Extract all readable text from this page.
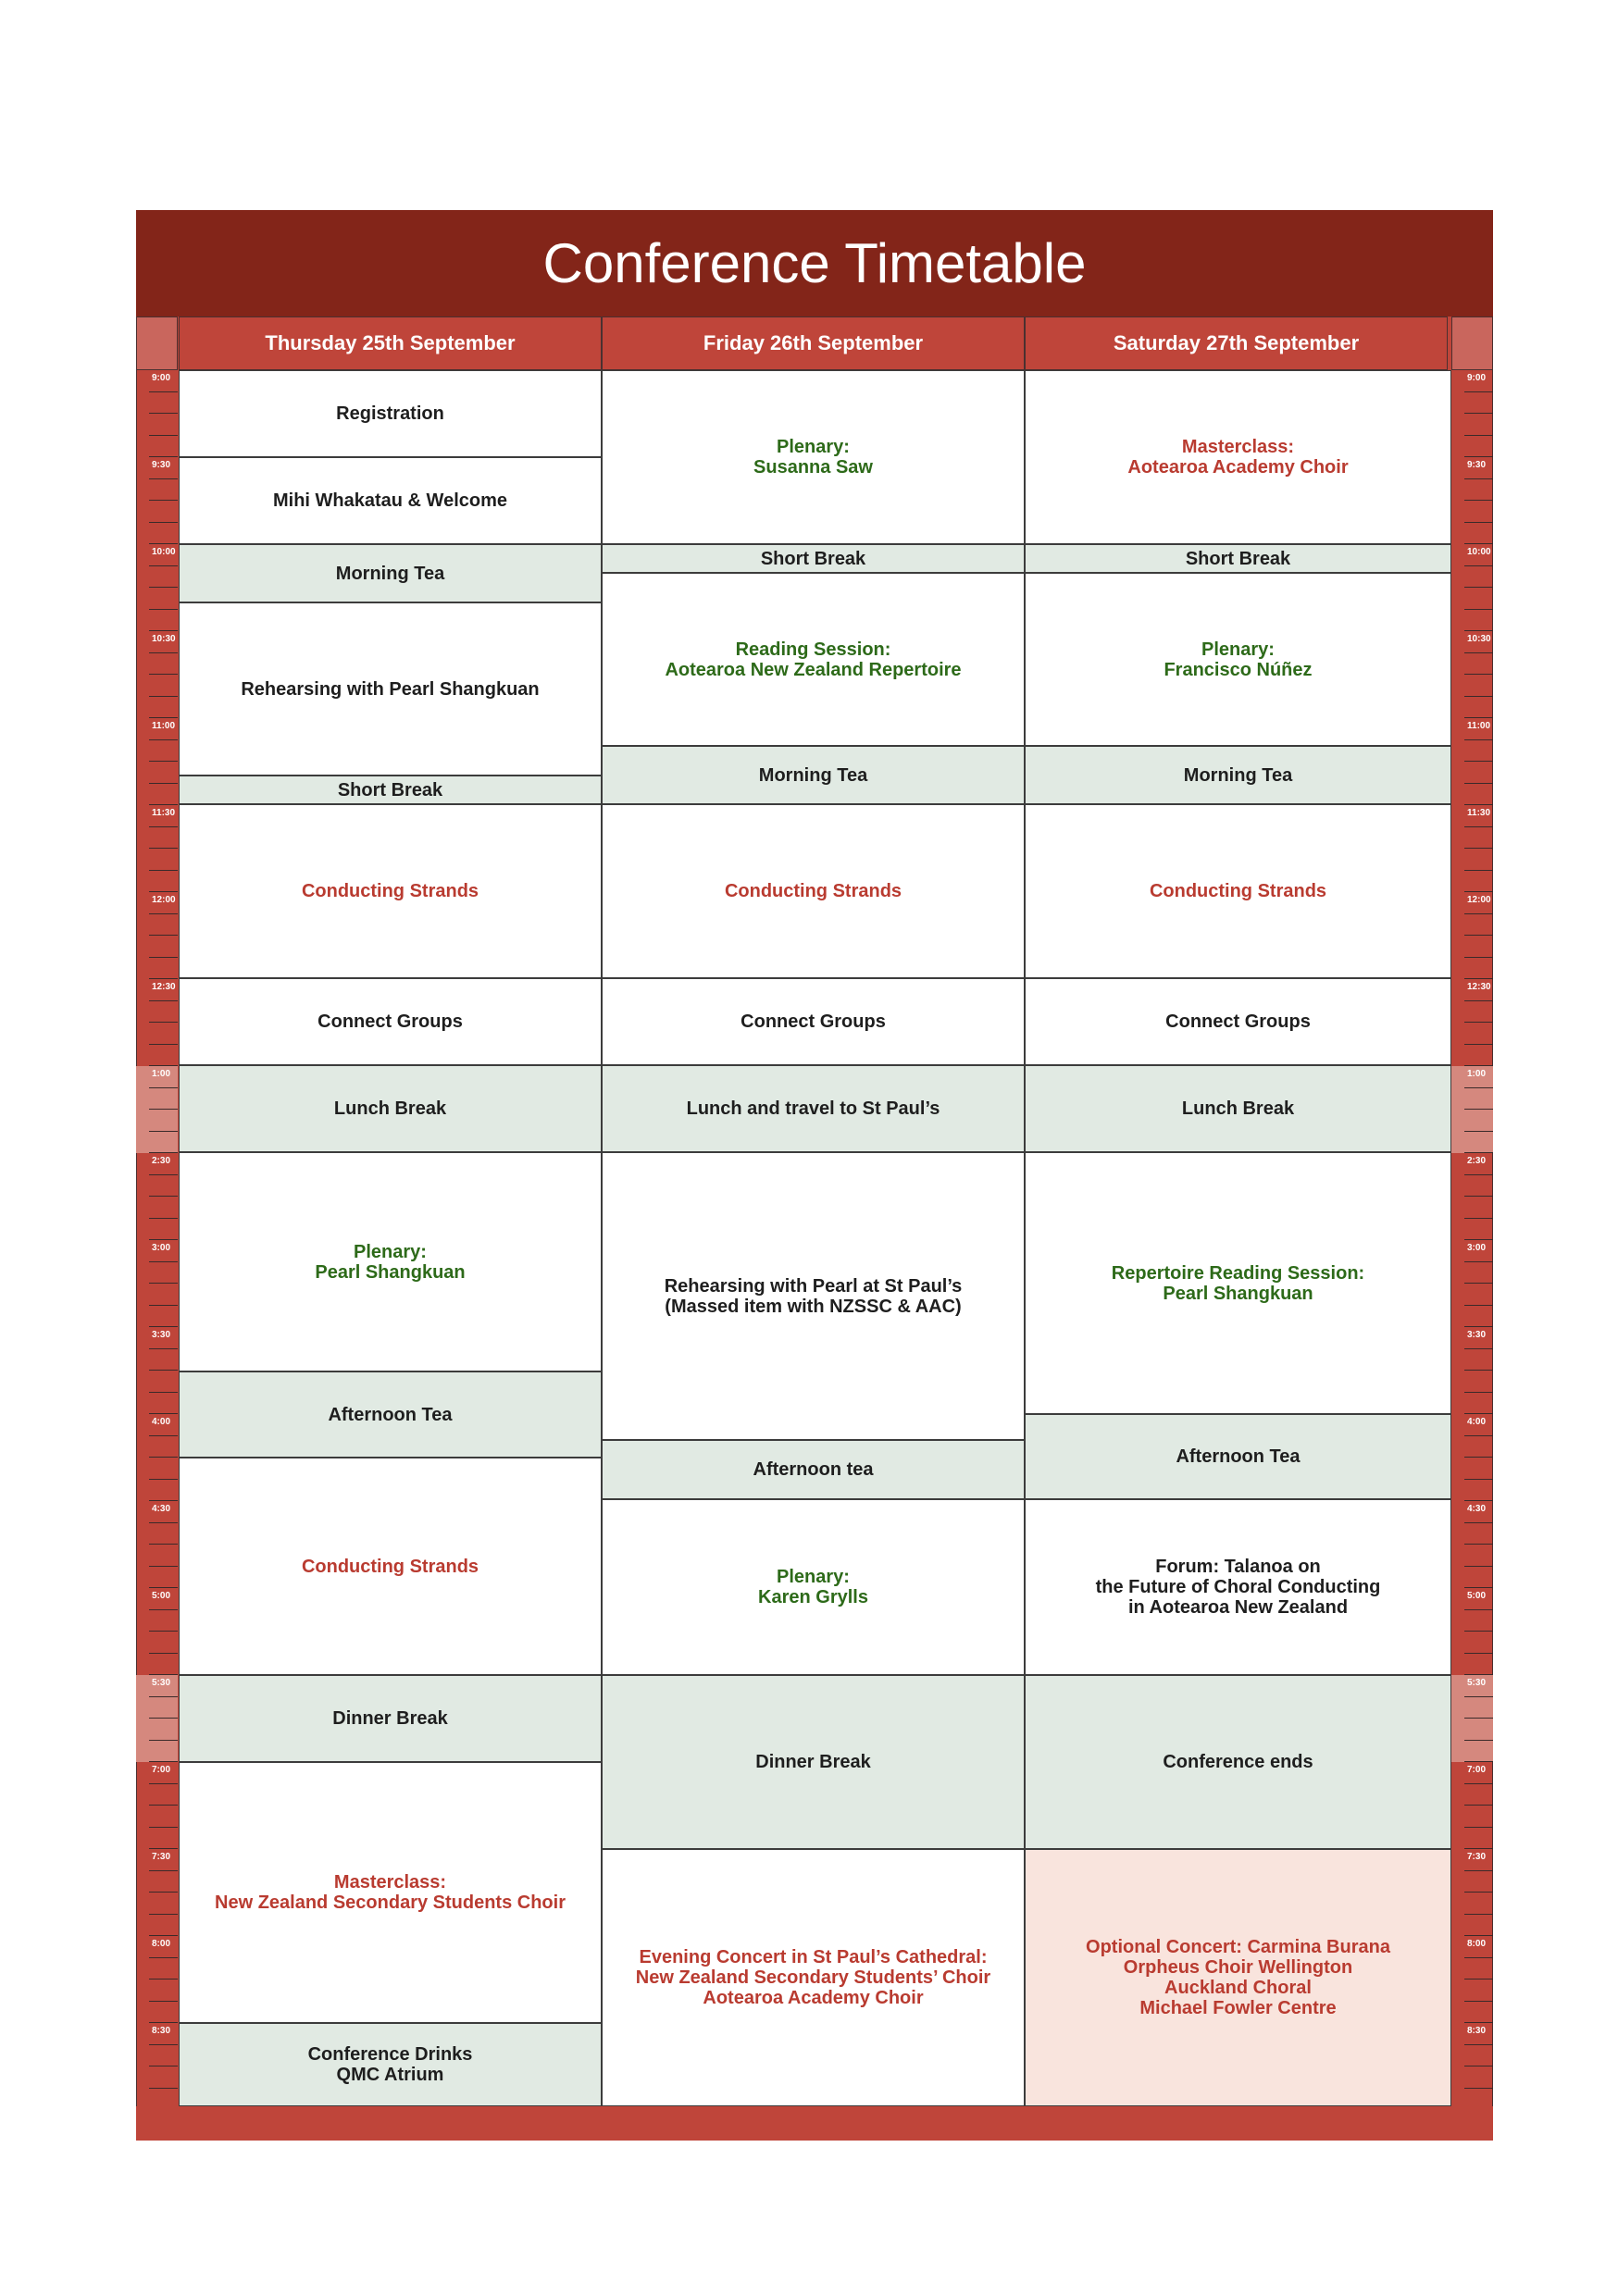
Conference Timetable
Thursday 25th September	Friday 26th September	Saturday 27th September
9:00
9:30
10:00
10:30
11:00
11:30
12:00
12:30
1:00
2:30
3:00
3:30
4:00
4:30
5:00
5:30
7:00
7:30
8:00
8:30
9:00
9:30
10:00
10:30
11:00
11:30
12:00
12:30
1:00
2:30
3:00
3:30
4:00
4:30
5:00
5:30
7:00
7:30
8:00
8:30
Registration
Mihi Whakatau & Welcome
Morning Tea
Rehearsing with Pearl Shangkuan
Short Break
Conducting Strands
Connect Groups
Lunch Break
Plenary:
Pearl Shangkuan
Afternoon Tea
Conducting Strands
Dinner Break
Masterclass:
New Zealand Secondary Students Choir
Conference Drinks
QMC Atrium
Plenary:
Susanna Saw
Short Break
Reading Session:
Aotearoa New Zealand Repertoire
Morning Tea
Conducting Strands
Connect Groups
Lunch and travel to St Paul’s
Rehearsing with Pearl at St Paul’s
(Massed item with NZSSC & AAC)
Afternoon tea
Plenary:
Karen Grylls
Dinner Break
Evening Concert in St Paul’s Cathedral:
New Zealand Secondary Students’ Choir
Aotearoa Academy Choir
Masterclass:
Aotearoa Academy Choir
Short Break
Plenary:
Francisco Núñez
Morning Tea
Conducting Strands
Connect Groups
Lunch Break
Repertoire Reading Session:
Pearl Shangkuan
Afternoon Tea
Forum: Talanoa on
the Future of Choral Conducting
in Aotearoa New Zealand
Conference ends
Optional Concert: Carmina Burana
Orpheus Choir Wellington
Auckland Choral
Michael Fowler Centre
